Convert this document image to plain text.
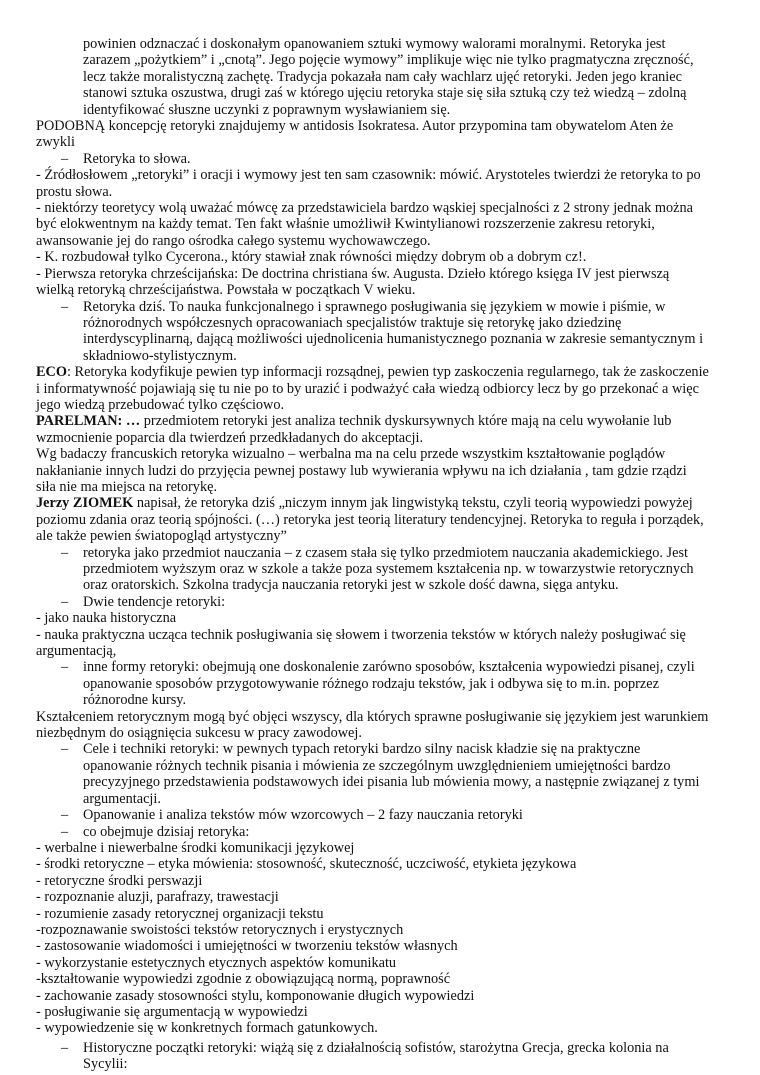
powinien odznaczać i doskonałym opanowaniem sztuki wymowy walorami moralnymi. Retoryka jest zarazem „pożytkiem” i „cnotą”. Jego pojęcie wymowy” implikuje więc nie tylko pragmatyczna zręczność, lecz także moralistyczną zachętę. Tradycja pokazała nam cały wachlarz ujęć retoryki. Jeden jego kraniec stanowi sztuka oszustwa, drugi zaś w którego ujęciu retoryka staje się siła sztuką czy też wiedzą – zdolną identyfikować słuszne uczynki z poprawnym wysławianiem się.

PODOBNĄ koncepcję retoryki znajdujemy w antidosis Isokratesa. Autor przypomina tam obywatelom Aten że zwykli

– Retoryka to słowa.

- Źródłosłowem „retoryki” i oracji i wymowy jest ten sam czasownik: mówić. Arystoteles twierdzi że retoryka to po prostu słowa.

- niektórzy teoretycy wolą uważać mówcę za przedstawiciela bardzo wąskiej specjalności z 2 strony jednak można być elokwentnym na każdy temat. Ten fakt właśnie umożliwił Kwintylianowi rozszerzenie zakresu retoryki, awansowanie jej do rango ośrodka całego systemu wychowawczego.

- K. rozbudował tylko Cycerona., który stawiał znak równości między dobrym ob a dobrym cz!.

- Pierwsza retoryka chrześcijańska: De doctrina christiana św. Augusta. Dzieło którego księga IV jest pierwszą wielką retoryką chrześcijaństwa. Powstała w początkach V wieku.

– Retoryka dziś. To nauka funkcjonalnego i sprawnego posługiwania się językiem w mowie i piśmie, w różnorodnych współczesnych opracowaniach specjalistów traktuje się retorykę jako dziedzinę interdyscyplinarną, dającą możliwości ujednolicenia humanistycznego poznania w zakresie semantycznym i składniowo-stylistycznym.

ECO: Retoryka kodyfikuje pewien typ informacji rozsądnej, pewien typ zaskoczenia regularnego, tak że zaskoczenie i informatywność pojawiają się tu nie po to by urazić i podważyć cała wiedzą odbiorcy lecz by go przekonać a więc jego wiedzą przebudować tylko częściowo.

PARELMAN: … przedmiotem retoryki jest analiza technik dyskursywnych które mają na celu wywołanie lub wzmocnienie poparcia dla twierdzeń przedkładanych do akceptacji.

Wg badaczy francuskich retoryka wizualno – werbalna ma na celu przede wszystkim kształtowanie poglądów nakłanianie innych ludzi do przyjęcia pewnej postawy lub wywierania wpływu na ich działania , tam gdzie rządzi siła nie ma miejsca na retorykę.

Jerzy ZIOMEK napisał, że retoryka dziś „niczym innym jak lingwistyką tekstu, czyli teorią wypowiedzi powyżej poziomu zdania oraz teorią spójności. (…) retoryka jest teorią literatury tendencyjnej. Retoryka to reguła i porządek, ale także pewien światopogląd artystyczny”

– retoryka jako przedmiot nauczania – z czasem stała się tylko przedmiotem nauczania akademickiego. Jest przedmiotem wyższym oraz w szkole a także poza systemem kształcenia np. w towarzystwie retorycznych oraz oratorskich. Szkolna tradycja nauczania retoryki jest w szkole dość dawna, sięga antyku.
– Dwie tendencje retoryki:

- jako nauka historyczna

- nauka praktyczna ucząca technik posługiwania się słowem i tworzenia tekstów w których należy posługiwać się argumentacją,

– inne formy retoryki: obejmują one doskonalenie zarówno sposobów, kształcenia wypowiedzi pisanej, czyli opanowanie sposobów przygotowywanie różnego rodzaju tekstów, jak i odbywa się to m.in. poprzez różnorodne kursy.

Kształceniem retorycznym mogą być objęci wszyscy, dla których sprawne posługiwanie się językiem jest warunkiem niezbędnym do osiągnięcia sukcesu w pracy zawodowej.

– Cele i techniki retoryki: w pewnych typach retoryki bardzo silny nacisk kładzie się na praktyczne opanowanie różnych technik pisania i mówienia ze szczególnym uwzględnieniem umiejętności bardzo precyzyjnego przedstawienia podstawowych idei pisania lub mówienia mowy, a następnie związanej z tymi argumentacji.
– Opanowanie i analiza tekstów mów wzorcowych – 2 fazy nauczania retoryki
– co obejmuje dzisiaj retoryka:

- werbalne i niewerbalne środki komunikacji językowej

- środki retoryczne – etyka mówienia: stosowność, skuteczność, uczciwość, etykieta językowa

- retoryczne środki perswazji

- rozpoznanie aluzji, parafrazy, trawestacji

- rozumienie zasady retorycznej organizacji tekstu

-rozpoznawanie swoistości tekstów retorycznych i erystycznych

- zastosowanie wiadomości i umiejętności w tworzeniu tekstów własnych

- wykorzystanie estetycznych etycznych aspektów komunikatu

-kształtowanie wypowiedzi zgodnie z obowiązującą normą, poprawność

- zachowanie zasady stosowności stylu, komponowanie długich wypowiedzi

- posługiwanie się argumentacją w wypowiedzi

- wypowiedzenie się w konkretnych formach gatunkowych.

– Historyczne początki retoryki: wiążą się z działalnością sofistów, starożytna Grecja, grecka kolonia na Sycylii:
